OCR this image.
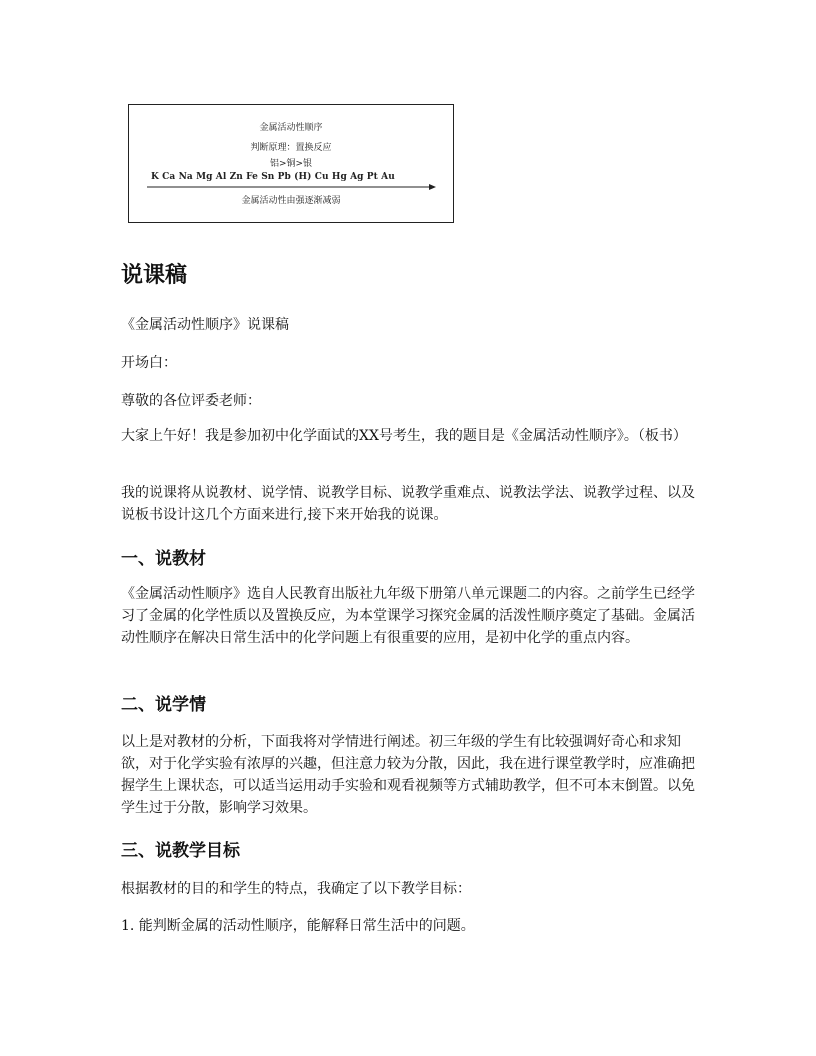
金属活动性顺序
判断原理：置换反应
铝>铜>银
K Ca Na Mg Al Zn Fe Sn Pb (H) Cu Hg Ag Pt Au
金属活动性由强逐渐减弱
说课稿
《金属活动性顺序》说课稿
开场白：
尊敬的各位评委老师：
大家上午好！我是参加初中化学面试的XX号考生，我的题目是《金属活动性顺序》。（板书）
我的说课将从说教材、说学情、说教学目标、说教学重难点、说教法学法、说教学过程、以及说板书设计这几个方面来进行,接下来开始我的说课。
一、说教材
《金属活动性顺序》选自人民教育出版社九年级下册第八单元课题二的内容。之前学生已经学习了金属的化学性质以及置换反应，为本堂课学习探究金属的活泼性顺序奠定了基础。金属活动性顺序在解决日常生活中的化学问题上有很重要的应用，是初中化学的重点内容。
二、说学情
以上是对教材的分析，下面我将对学情进行阐述。初三年级的学生有比较强调好奇心和求知欲，对于化学实验有浓厚的兴趣，但注意力较为分散，因此，我在进行课堂教学时，应准确把握学生上课状态，可以适当运用动手实验和观看视频等方式辅助教学，但不可本末倒置。以免学生过于分散，影响学习效果。
三、说教学目标
根据教材的目的和学生的特点，我确定了以下教学目标：
1. 能判断金属的活动性顺序，能解释日常生活中的问题。
